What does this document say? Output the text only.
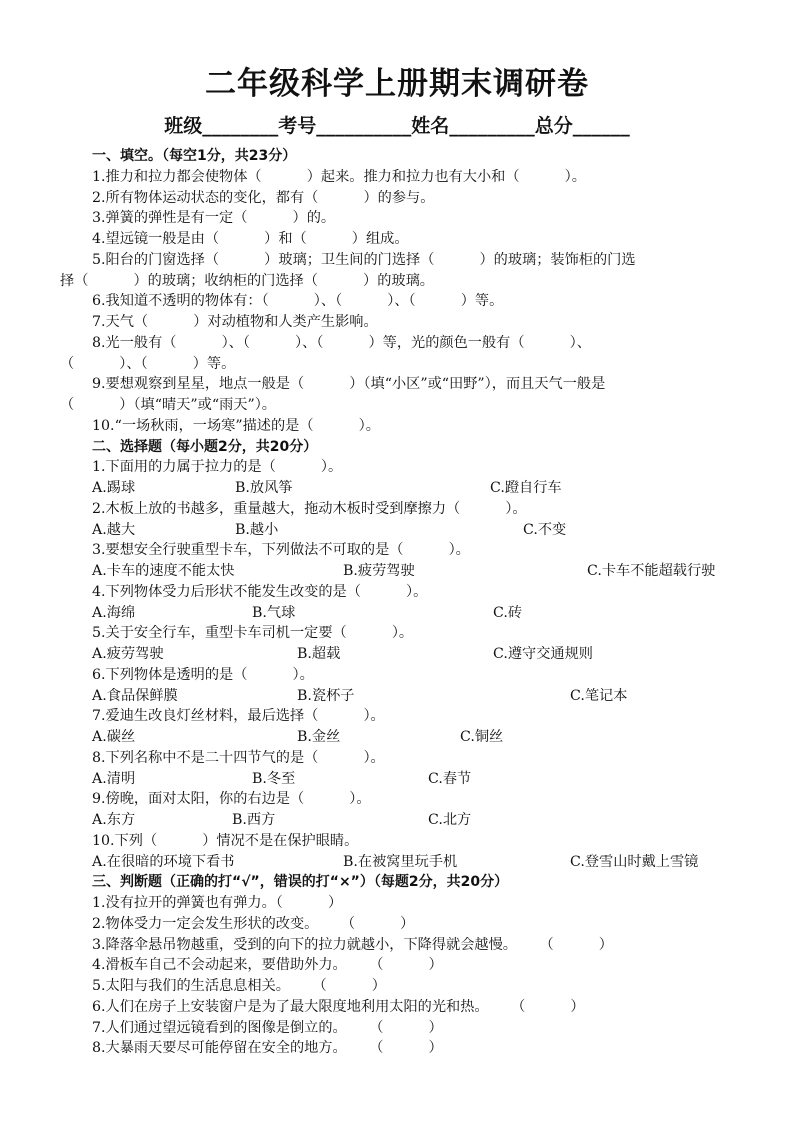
二年级科学上册期末调研卷
班级________考号__________姓名_________总分______
一、填空。（每空1分，共23分）
1.推力和拉力都会使物体（          ）起来。推力和拉力也有大小和（          ）。
2.所有物体运动状态的变化，都有（          ）的参与。
3.弹簧的弹性是有一定（          ）的。
4.望远镜一般是由（          ）和（          ）组成。
5.阳台的门窗选择（          ）玻璃；卫生间的门选择（          ）的玻璃；装饰柜的门选
择（          ）的玻璃；收纳柜的门选择（          ）的玻璃。
6.我知道不透明的物体有：（          ）、（          ）、（          ）等。
7.天气（          ）对动植物和人类产生影响。
8.光一般有（          ）、（          ）、（          ）等，光的颜色一般有（          ）、
（          ）、（          ）等。
9.要想观察到星星，地点一般是（          ）（填“小区”或“田野”），而且天气一般是
（          ）（填“晴天”或“雨天”）。
10.“一场秋雨，一场寒”描述的是（          ）。
二、选择题（每小题2分，共20分）
1.下面用的力属于拉力的是（          ）。

A.踢球

	B.放风筝

	C.蹬自行车

2.木板上放的书越多，重量越大，拖动木板时受到摩擦力（          ）。

A.越大

	B.越小

	C.不变

3.要想安全行驶重型卡车，下列做法不可取的是（          ）。

A.卡车的速度不能太快

	B.疲劳驾驶

	C.卡车不能超载行驶

4.下列物体受力后形状不能发生改变的是（          ）。

A.海绵

	B.气球

	C.砖

5.关于安全行车，重型卡车司机一定要（          ）。

A.疲劳驾驶

	B.超载

	C.遵守交通规则

6.下列物体是透明的是（          ）。

A.食品保鲜膜

	B.瓷杯子

	C.笔记本

7.爱迪生改良灯丝材料，最后选择（          ）。

A.碳丝

	B.金丝

	C.铜丝

8.下列名称中不是二十四节气的是（          ）。

A.清明

	B.冬至

	C.春节

9.傍晚，面对太阳，你的右边是（          ）。

A.东方

	B.西方

	C.北方

10.下列（          ）情况不是在保护眼睛。

A.在很暗的环境下看书

	B.在被窝里玩手机

	C.登雪山时戴上雪镜

三、判断题（正确的打“√”，错误的打“×”）（每题2分，共20分）
1.没有拉开的弹簧也有弹力。（          ）
2.物体受力一定会发生形状的改变。     （          ）
3.降落伞悬吊物越重，受到的向下的拉力就越小，下降得就会越慢。     （          ）
4.滑板车自己不会动起来，要借助外力。     （          ）
5.太阳与我们的生活息息相关。     （          ）
6.人们在房子上安装窗户是为了最大限度地利用太阳的光和热。     （          ）
7.人们通过望远镜看到的图像是倒立的。     （          ）
8.大暴雨天要尽可能停留在安全的地方。     （          ）
